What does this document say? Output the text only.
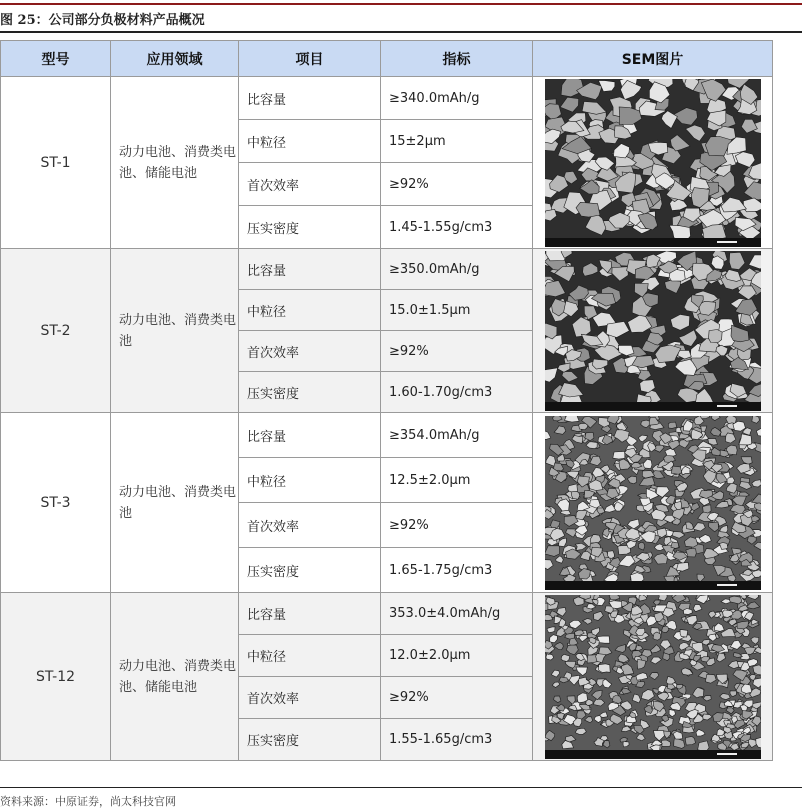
图 25：公司部分负极材料产品概况
型号	应用领域	项目	指标	SEM图片
ST-1	动力电池、消费类电池、储能电池	比容量	≥340.0mAh/g	

		中粒径	15±2μm	
		首次效率	≥92%	
		压实密度	1.45-1.55g/cm3	
ST-2	动力电池、消费类电池	比容量	≥350.0mAh/g	

		中粒径	15.0±1.5μm	
		首次效率	≥92%	
		压实密度	1.60-1.70g/cm3	
ST-3	动力电池、消费类电池	比容量	≥354.0mAh/g	

		中粒径	12.5±2.0μm	
		首次效率	≥92%	
		压实密度	1.65-1.75g/cm3	
ST-12	动力电池、消费类电池、储能电池	比容量	353.0±4.0mAh/g	

		中粒径	12.0±2.0μm	
		首次效率	≥92%	
		压实密度	1.55-1.65g/cm3	
资料来源：中原证券，尚太科技官网
